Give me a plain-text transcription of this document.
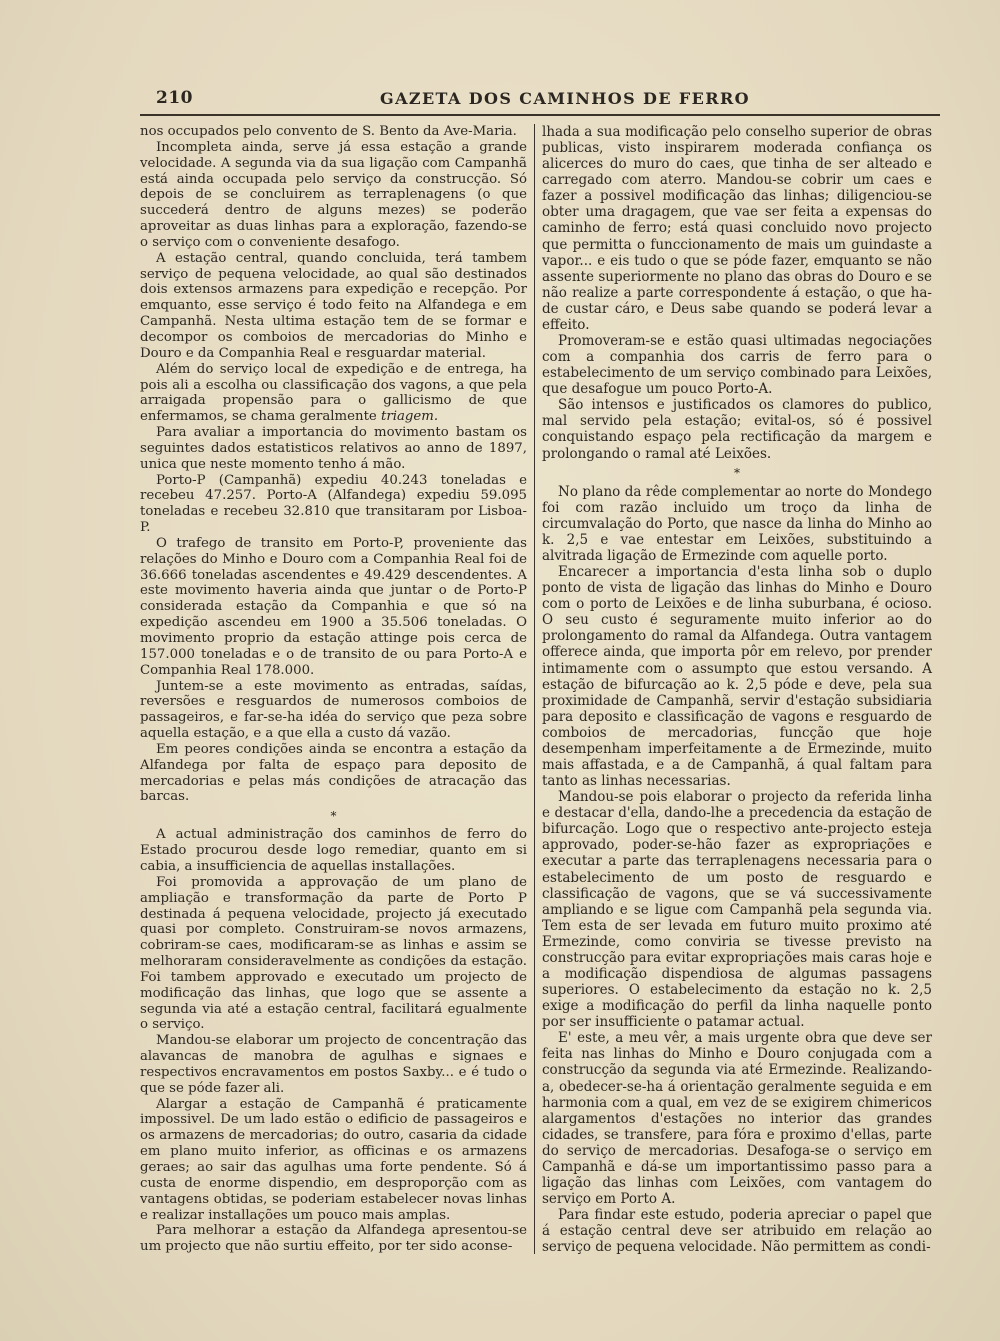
210	GAZETA DOS CAMINHOS DE FERRO

nos occupados pelo convento de S. Bento da Ave-Maria.

Incompleta ainda, serve já essa estação a grande velocidade. A segunda via da sua ligação com Campanhã está ainda occupada pelo serviço da construcção. Só depois de se concluirem as terraplenagens (o que succederá dentro de alguns mezes) se poderão aproveitar as duas linhas para a exploração, fazendo-se o serviço com o conveniente desafogo.

A estação central, quando concluida, terá tambem serviço de pequena velocidade, ao qual são destinados dois extensos armazens para expedição e recepção. Por emquanto, esse serviço é todo feito na Alfandega e em Campanhã. Nesta ultima estação tem de se formar e decompor os comboios de mercadorias do Minho e Douro e da Companhia Real e resguardar material.

Além do serviço local de expedição e de entrega, ha pois ali a escolha ou classificação dos vagons, a que pela arraigada propensão para o gallicismo de que enfermamos, se chama geralmente triagem.

Para avaliar a importancia do movimento bastam os seguintes dados estatisticos relativos ao anno de 1897, unica que neste momento tenho á mão.

Porto-P (Campanhã) expediu 40.243 toneladas e recebeu 47.257. Porto-A (Alfandega) expediu 59.095 toneladas e recebeu 32.810 que transitaram por Lisboa-P.

O trafego de transito em Porto-P, proveniente das relações do Minho e Douro com a Companhia Real foi de 36.666 toneladas ascendentes e 49.429 descendentes. A este movimento haveria ainda que juntar o de Porto-P considerada estação da Companhia e que só na expedição ascendeu em 1900 a 35.506 toneladas. O movimento proprio da estação attinge pois cerca de 157.000 toneladas e o de transito de ou para Porto-A e Companhia Real 178.000.

Juntem-se a este movimento as entradas, saídas, reversões e resguardos de numerosos comboios de passageiros, e far-se-ha idéa do serviço que peza sobre aquella estação, e a que ella a custo dá vazão.

Em peores condições ainda se encontra a estação da Alfandega por falta de espaço para deposito de mercadorias e pelas más condições de atracação das barcas.

*

A actual administração dos caminhos de ferro do Estado procurou desde logo remediar, quanto em si cabia, a insufficiencia de aquellas installações.

Foi promovida a approvação de um plano de ampliação e transformação da parte de Porto P destinada á pequena velocidade, projecto já executado quasi por completo. Construiram-se novos armazens, cobriram-se caes, modificaram-se as linhas e assim se melhoraram consideravelmente as condições da estação. Foi tambem approvado e executado um projecto de modificação das linhas, que logo que se assente a segunda via até a estação central, facilitará egualmente o serviço.

Mandou-se elaborar um projecto de concentração das alavancas de manobra de agulhas e signaes e respectivos encravamentos em postos Saxby... e é tudo o que se póde fazer ali.

Alargar a estação de Campanhã é praticamente impossivel. De um lado estão o edificio de passageiros e os armazens de mercadorias; do outro, casaria da cidade em plano muito inferior, as officinas e os armazens geraes; ao sair das agulhas uma forte pendente. Só á custa de enorme dispendio, em desproporção com as vantagens obtidas, se poderiam estabelecer novas linhas e realizar installações um pouco mais amplas.

Para melhorar a estação da Alfandega apresentou-se um projecto que não surtiu effeito, por ter sido aconse-

lhada a sua modificação pelo conselho superior de obras publicas, visto inspirarem moderada confiança os alicerces do muro do caes, que tinha de ser alteado e carregado com aterro. Mandou-se cobrir um caes e fazer a possivel modificação das linhas; diligenciou-se obter uma dragagem, que vae ser feita a expensas do caminho de ferro; está quasi concluido novo projecto que permitta o funccionamento de mais um guindaste a vapor... e eis tudo o que se póde fazer, emquanto se não assente superiormente no plano das obras do Douro e se não realize a parte correspondente á estação, o que ha-de custar cáro, e Deus sabe quando se poderá levar a effeito.

Promoveram-se e estão quasi ultimadas negociações com a companhia dos carris de ferro para o estabelecimento de um serviço combinado para Leixões, que desafogue um pouco Porto-A.

São intensos e justificados os clamores do publico, mal servido pela estação; evital-os, só é possivel conquistando espaço pela rectificação da margem e prolongando o ramal até Leixões.

*

No plano da rêde complementar ao norte do Mondego foi com razão incluido um troço da linha de circumvalação do Porto, que nasce da linha do Minho ao k. 2,5 e vae entestar em Leixões, substituindo a alvitrada ligação de Ermezinde com aquelle porto.

Encarecer a importancia d'esta linha sob o duplo ponto de vista de ligação das linhas do Minho e Douro com o porto de Leixões e de linha suburbana, é ocioso. O seu custo é seguramente muito inferior ao do prolongamento do ramal da Alfandega. Outra vantagem offerece ainda, que importa pôr em relevo, por prender intimamente com o assumpto que estou versando. A estação de bifurcação ao k. 2,5 póde e deve, pela sua proximidade de Campanhã, servir d'estação subsidiaria para deposito e classificação de vagons e resguardo de comboios de mercadorias, funcção que hoje desempenham imperfeitamente a de Ermezinde, muito mais affastada, e a de Campanhã, á qual faltam para tanto as linhas necessarias.

Mandou-se pois elaborar o projecto da referida linha e destacar d'ella, dando-lhe a precedencia da estação de bifurcação. Logo que o respectivo ante-projecto esteja approvado, poder-se-hão fazer as expropriações e executar a parte das terraplenagens necessaria para o estabelecimento de um posto de resguardo e classificação de vagons, que se vá successivamente ampliando e se ligue com Campanhã pela segunda via. Tem esta de ser levada em futuro muito proximo até Ermezinde, como conviria se tivesse previsto na construcção para evitar expropriações mais caras hoje e a modificação dispendiosa de algumas passagens superiores. O estabelecimento da estação no k. 2,5 exige a modificação do perfil da linha naquelle ponto por ser insufficiente o patamar actual.

E' este, a meu vêr, a mais urgente obra que deve ser feita nas linhas do Minho e Douro conjugada com a construcção da segunda via até Ermezinde. Realizando-a, obedecer-se-ha á orientação geralmente seguida e em harmonia com a qual, em vez de se exigirem chimericos alargamentos d'estações no interior das grandes cidades, se transfere, para fóra e proximo d'ellas, parte do serviço de mercadorias. Desafoga-se o serviço em Campanhã e dá-se um importantissimo passo para a ligação das linhas com Leixões, com vantagem do serviço em Porto A.

Para findar este estudo, poderia apreciar o papel que á estação central deve ser atribuido em relação ao serviço de pequena velocidade. Não permittem as condi-
